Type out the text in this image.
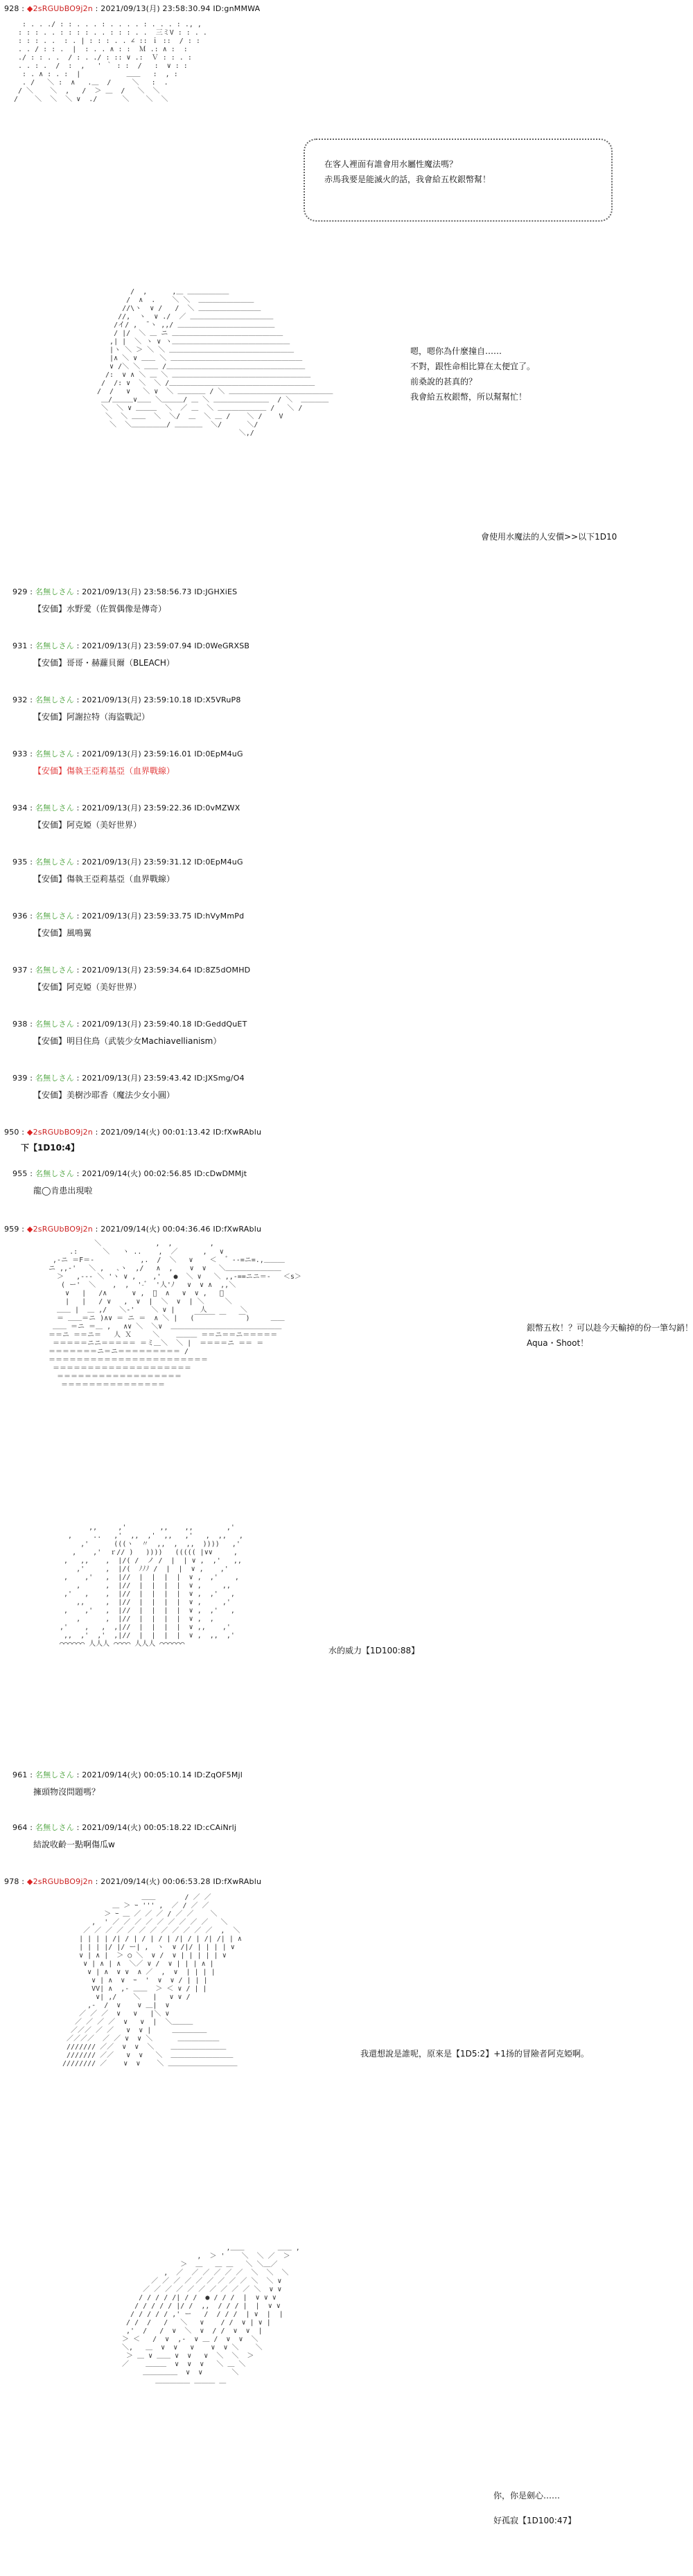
928 : ◆2sRGUbBO9j2n : 2021/09/13(月) 23:58:30.94 ID:gnMMWA
: . . ./ : : . . . : . . . . : . . . : ., ,
: : : . . : : : : . . : : : . .  三ミV : : . .
: : : . .  : . | : : : . . ∠ :: ｉ ::  / : :
. . / : : .  |  : . . ∧ : :  Ｍ .: ∧ :  :
./ : : . .  / : . ./ : :: ∨ .:  Ｖ : : . :
. . : .  /  :  ,   ' ｀ : :  /   :  ∨ : :
: . ∧ : . :  |           ＿＿   :  , :
. /   ＼ :  ∧   .＿  /     ＼   :  .
/ ＼    ＼  ,   /  ＞ ＿  /   ＼  ＼
/    ＼  ＼  ＼ ∨  ./      ＼    ＼  ＼
在客人裡面有誰會用水屬性魔法嗎？
赤馬我要是能滅火的話，我會給五枚銀幣幫！
/  ,      ,＿ ＿＿＿＿＿＿
/  ∧  .    ＼ ＼  ＿＿＿＿＿＿＿＿
//\ヽ  ∨ /   /  ＼ ＿＿＿＿＿＿＿＿＿
//,  ヽ  ∨ ./  ／ ＿＿＿＿＿＿＿＿＿＿＿＿
/イ/ ,  ̄ ヽ ,,/ ＿＿＿＿＿＿＿＿＿＿＿＿＿＿
/ |/  ＼ ＿ ニ ＿＿＿＿＿＿＿＿＿＿＿＿＿＿＿＿
,| |  ＼ ヽ ∨ ヽ＿＿＿＿＿＿＿＿＿＿＿＿＿＿＿＿＿
|ヽ ＼ ＞ ＼ ＼ ＿＿＿＿＿＿＿＿＿＿＿＿＿＿＿＿＿＿
|∧ ＼ ∨ ＿＿ ＼ ＿＿＿＿＿＿＿＿＿＿＿＿＿＿＿＿＿＿＿
∨ /＼ ＼ ＿＿ /＿＿＿＿＿＿＿＿＿＿＿＿＿＿＿＿＿＿＿＿
/:  ∨ ∧ ＼ ＿ ＼ ＿＿＿＿＿＿＿＿＿＿＿＿＿＿＿＿＿＿＿＿
/  /: ∨  ＼  ＼ /＿＿＿＿＿＿＿＿＿＿＿＿＿＿＿＿＿＿＿＿＿
/  /   ∨   ＼ ∨  ＼ ＿＿＿＿ / ＼ ＿＿＿＿＿＿＿＿＿＿＿＿＿＿＿
＿/＿＿＿∨＿＿ ＼＿＿＿/ ＿ ＼ ＿＿＿＿＿＿＿＿  / ＼  ＿＿＿＿
＼  ＼ ∨ ＿＿＿  ＼  ／ ＿  ＼ ＿＿＿＿＿＿＿ /   ＼ /
＼  ＼ ＿＿  ＼  ＼/  ＿  ＼ ＿ /    ＼ /    V
＼  ＼＿＿＿＿＿/ ＿＿＿＿  ＼/      ＼/
＼,/
嗯，嗯你為什麼撞自……
不對，跟性命相比算在太便宜了。
前桑說的甚真的？
我會給五枚銀幣，所以幫幫忙！
會使用水魔法的人安價>>以下1D10
929 : 名無しさん : 2021/09/13(月) 23:58:56.73 ID:JGHXiES
【安価】水野愛（佐賀偶像是傳奇）
931 : 名無しさん : 2021/09/13(月) 23:59:07.94 ID:0WeGRXSB
【安価】哥哥・赫蘿貝爾（BLEACH）
932 : 名無しさん : 2021/09/13(月) 23:59:10.18 ID:X5VRuP8
【安価】阿謝拉特（海盜戰記）
933 : 名無しさん : 2021/09/13(月) 23:59:16.01 ID:0EpM4uG
【安価】傷執王亞莉基亞（血界戰線）
934 : 名無しさん : 2021/09/13(月) 23:59:22.36 ID:0vMZWX
【安価】阿克婭（美好世界）
935 : 名無しさん : 2021/09/13(月) 23:59:31.12 ID:0EpM4uG
【安価】傷執王亞莉基亞（血界戰線）
936 : 名無しさん : 2021/09/13(月) 23:59:33.75 ID:hVyMmPd
【安価】風鳴翼
937 : 名無しさん : 2021/09/13(月) 23:59:34.64 ID:8Z5dOMHD
【安価】阿克婭（美好世界）
938 : 名無しさん : 2021/09/13(月) 23:59:40.18 ID:GeddQuET
【安価】明目住鳥（武装少女Machiavellianism）
939 : 名無しさん : 2021/09/13(月) 23:59:43.42 ID:JXSmg/O4
【安価】美樹沙耶香（魔法少女小圓）
950 : ◆2sRGUbBO9j2n : 2021/09/14(火) 00:01:13.42 ID:fXwRAblu
下【1D10:4】
955 : 名無しさん : 2021/09/14(火) 00:02:56.85 ID:cDwDMMjt
龍◯肯患出現啦
959 : ◆2sRGUbBO9j2n : 2021/09/14(火) 00:04:36.46 ID:fXwRAblu
＼             ,  ,         ,
.:      ＼   ヽ ..    ,  ／      ,   ∨
,-ニ ＝F＝-           ,.  /  ＼   ∨    ＜  ゛--=ニ=.,＿＿＿
ニ ,,-'   ＼ ,   ､ヽ  ,/   ∧  ,    ∨  ∨   ＼＿＿＿＿＿＿＿＿
＞   ,--- ＼ 'ヽ ∨ ,    ,'   ●  ＼ ∨   ＼ ,,-==ニニ＝-   ＜s＞
( ー'  ＼    ,  ,  '-ﾞ  '人'ﾉ   ∨  ∨ ∧  ,,＼
∨   |   /∧      ∨ ,  ﾞ  ∧   ∨  ∨ ,   ＼
|   |   / ∨   ,  ∨  |  ＼  ∨  | ＼     ＼
＿＿ |  ＿ ,/   ＼-'    ＼ ∨ |      人        ＼
＝ ＿＿＝ニ )∧∨ ＝ ニ ＝  ∧ ＼ |   (￣￣￣ ￣   ￣)     ＿＿
＿＿ ＝ニ ＝＿ ,   ∧∨ ＼  ＼∨  ＿＿＿＿＿＿＿＿＿＿＿＿＿＿＿＿
＝＝ニ ＝＝ニ＝   人 Ｘ     ＼    ＿＿＿ ＝＝ニ＝＝ニ＝＝＝＝＝
＝＝＝＝＝ニニ＝＝＝＝＝ ＝ミ＿＼  ＼ |  ＝＝＝＝ニ ＝＝ ＝
＝＝＝＝＝＝＝ニ＝ニ＝＝＝＝＝＝＝＝＝ /
＝＝＝＝＝＝＝＝＝＝＝＝＝＝＝＝＝＝＝＝＝＝＝
＝＝＝＝＝＝＝＝＝＝＝＝＝＝＝＝＝＝＝＝
＝＝＝＝＝＝＝＝＝＝＝＝＝＝＝＝＝＝
＝＝＝＝＝＝＝＝＝＝＝＝＝＝＝
銀幣五枚！？可以趁今天輸掉的份一筆勾銷！
Aqua・Shoot！
,,     ,'        ,,    ,,        ,'
,     ..   ,'  ,,  ,'  ,,   ,'   ,  ,,   ,
,'      (((ヽ  〃  ,,  ,  ,,  ))))   ,'
,    ,'  ｒ// )   ))))   ((((( |∨∨     ,
,   ,,    ,  |/( /  ノ /  |  | ∨ ,  ,'   ,,
,'     ,  |/(  ﾉﾉﾉ /  |  |  ∨ ,    ,'
,    ,'   ,  |//  |  |  |  |  ∨ ,  ,'    ,
,      ,  |//  |  |  |  |  ∨ ,     ,,
,'   ,    ,  |//  |  |  |  |  ∨ ,  ,'   ,
,,     ,  |//  |  |  |  |  ∨ ,     ,'
,    ,'   ,  |//  |  |  |  |  ∨ ,  ,'   ,
,      ,  |//  |  |  |  |  ∨ ,  ,
,'    ,   ,  ,|//  |  |  |  |  ∨ ,,    ,'
,,  ,'  ,'  ,|//  |  |  |  |  ∨ ,  ,,  ,'
⌒⌒⌒⌒⌒⌒ 人人人 ⌒⌒⌒⌒ 人人人 ⌒⌒⌒⌒⌒⌒
水的威力【1D100:88】
961 : 名無しさん : 2021/09/14(火) 00:05:10.14 ID:ZqOF5Mjl
擁頭物沒問題嗎？
964 : 名無しさん : 2021/09/14(火) 00:05:18.22 ID:cCAiNrlj
結說收齡一點啊傷瓜w
978 : ◆2sRGUbBO9j2n : 2021/09/14(火) 00:06:53.28 ID:fXwRAblu
＿＿       / ／ ／
＿ ＞ ｰ ''' ,  ／ / ／ ／
＞ ｰ ＿ ／ ／ ／ / ／ ／    ＼
,  ' ／ ／ ／ ／ ／ ／ ／ ／ ／   ＼
／ ／ ／ ／ ／ ／ ／ ／ ／ ／ ／ ／  ,  ＼
| | | | /| / | / | / | /| / | /| /| | ∧
| | | |/ |/ ー| ,  ヽ  ∨ /|/ | | | | ∨
∨ | ∧ |  ＞ ○ ＼  ∨ /  ∨ | | | | | ∨
∨ | ∧ | ∧  ＼／ ∨ /  ∨ | | | ∧ |
∨ | ∧  ∨ ∨  ∧ ／  ,  ∨  | | | |
∨ | ∧  ∨  ｰ  '  ∨  ∨ / | | |
VV| ∧  ,- ＿＿  ＞ ＜ ∨ / | |
∨| ,/    ＼   |   ∨ ∨ /
,-  /  ∨    ∨ ＿|  ∨
／ ／ ／  ∨   ∨   |＼ ∨
／ ／ ／ ／  ∨   ∨  |  ＼＿＿＿
／／／ ／ ／   ∨  ∨ |     ＿＿＿＿＿
／／／／  ／ ／ ∨  ∨ ＼      ＿＿＿＿＿＿
/////// ／／  ∨  ∨  ＼    ＿＿＿＿＿＿＿＿
/////// ／／   ∨  ∨   ＼  ＿＿＿＿＿＿＿＿＿
//////// ／    ∨  ∨    ＼ ＿＿＿＿＿＿＿＿＿＿
我還想說是誰呢，原來是【1D5:2】+1扬的冒險者阿克婭啊。
,＿＿        ＿＿ ,
,  ＞ '    ＼  ＼ ／  ＞
＞  ＿   ＿ ＿   ＼ ＼＿／
,  ／  ／ ／ ／ ／ ／  ＼  ＼  ＼
／ ／ ／ ／ ／ ／ ／ ／ ／ ＼  ＼ ∨
／ ／ ／ ／ ／ ／ ／ ／ ／ ／ ＼  ∨ ∨
/ / / / /| / /  ● / / /  |  ∨ ∨ ∨
/ / / / / |/ /  ,,  / / / |  |  ∨ ∨
/ / / / / ,' ー   /  / / /  | ∨  |  |
/ /  /   /   ＼   ∨    / /  ∨ | ∨ |
,'  /   /  ∨  ＼  ∨  / /  ∨  ∨  |
＞ ＜   /  ∨  ,-  ∨ ＿ /  ∨  ∨  ＼
＼,   ＿  ∨  ∨   ∨    ∨  ∨ ＼    ＼
＞ ＿ ∨ ＿＿ ∨  ∨   ∨  ＼  ＼  ＞
／    ＿＿＿  ∨  ∨  ∨   ＼ ＿ ＼
＿＿＿＿＿  ∨  ∨       ＼
＿＿＿＿＿ ＿＿＿ ＿
你，你是劍心……
好孤寂【1D100:47】
